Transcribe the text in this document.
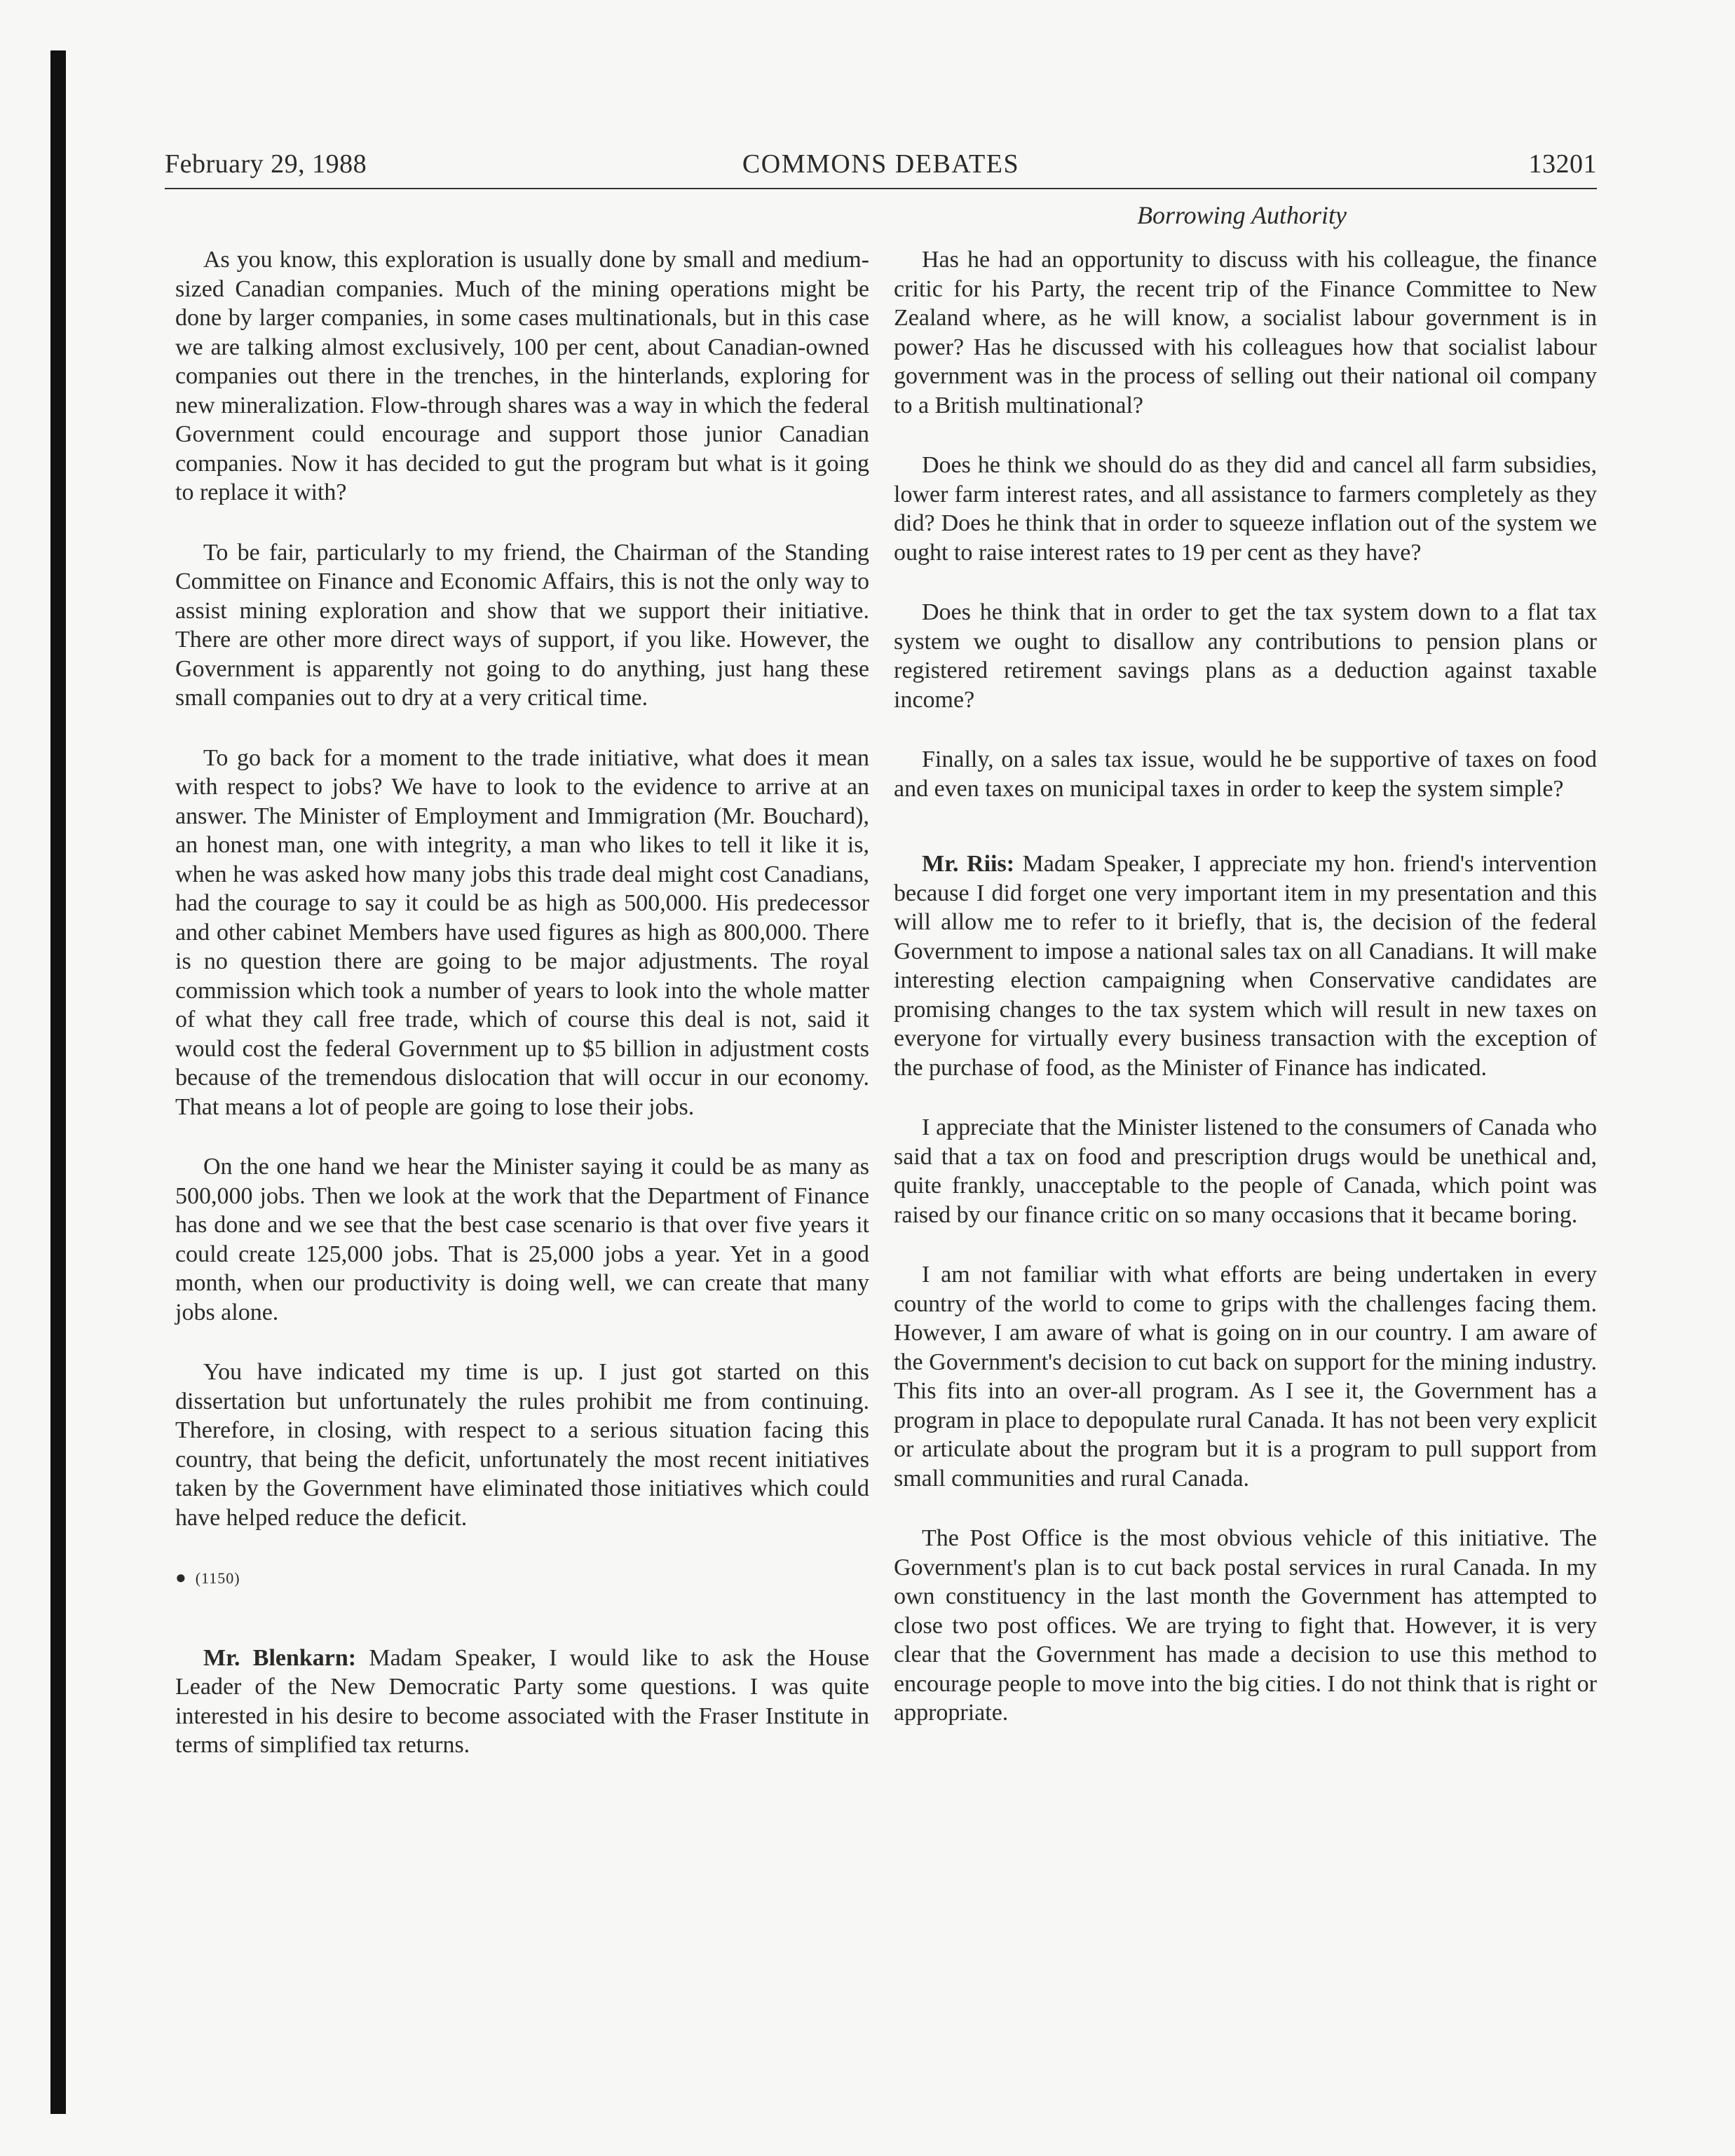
February 29, 1988	COMMONS DEBATES	13201
Borrowing Authority

As you know, this exploration is usually done by small and medium-sized Canadian companies. Much of the mining operations might be done by larger companies, in some cases multinationals, but in this case we are talking almost exclusively, 100 per cent, about Canadian-owned companies out there in the trenches, in the hinterlands, exploring for new mineralization. Flow-through shares was a way in which the federal Government could encourage and support those junior Canadian companies. Now it has decided to gut the program but what is it going to replace it with?

To be fair, particularly to my friend, the Chairman of the Standing Committee on Finance and Economic Affairs, this is not the only way to assist mining exploration and show that we support their initiative. There are other more direct ways of support, if you like. However, the Government is apparently not going to do anything, just hang these small companies out to dry at a very critical time.

To go back for a moment to the trade initiative, what does it mean with respect to jobs? We have to look to the evidence to arrive at an answer. The Minister of Employment and Immigration (Mr. Bouchard), an honest man, one with integrity, a man who likes to tell it like it is, when he was asked how many jobs this trade deal might cost Canadians, had the courage to say it could be as high as 500,000. His predecessor and other cabinet Members have used figures as high as 800,000. There is no question there are going to be major adjustments. The royal commission which took a number of years to look into the whole matter of what they call free trade, which of course this deal is not, said it would cost the federal Government up to $5 billion in adjustment costs because of the tremendous dislocation that will occur in our economy. That means a lot of people are going to lose their jobs.

On the one hand we hear the Minister saying it could be as many as 500,000 jobs. Then we look at the work that the Department of Finance has done and we see that the best case scenario is that over five years it could create 125,000 jobs. That is 25,000 jobs a year. Yet in a good month, when our productivity is doing well, we can create that many jobs alone.

You have indicated my time is up. I just got started on this dissertation but unfortunately the rules prohibit me from continuing. Therefore, in closing, with respect to a serious situation facing this country, that being the deficit, unfortunately the most recent initiatives taken by the Government have eliminated those initiatives which could have helped reduce the deficit.

● (1150)

Mr. Blenkarn: Madam Speaker, I would like to ask the House Leader of the New Democratic Party some questions. I was quite interested in his desire to become associated with the Fraser Institute in terms of simplified tax returns.

Has he had an opportunity to discuss with his colleague, the finance critic for his Party, the recent trip of the Finance Committee to New Zealand where, as he will know, a socialist labour government is in power? Has he discussed with his colleagues how that socialist labour government was in the process of selling out their national oil company to a British multinational?

Does he think we should do as they did and cancel all farm subsidies, lower farm interest rates, and all assistance to farmers completely as they did? Does he think that in order to squeeze inflation out of the system we ought to raise interest rates to 19 per cent as they have?

Does he think that in order to get the tax system down to a flat tax system we ought to disallow any contributions to pension plans or registered retirement savings plans as a deduction against taxable income?

Finally, on a sales tax issue, would he be supportive of taxes on food and even taxes on municipal taxes in order to keep the system simple?

Mr. Riis: Madam Speaker, I appreciate my hon. friend's intervention because I did forget one very important item in my presentation and this will allow me to refer to it briefly, that is, the decision of the federal Government to impose a national sales tax on all Canadians. It will make interesting election campaigning when Conservative candidates are promising changes to the tax system which will result in new taxes on everyone for virtually every business transaction with the exception of the purchase of food, as the Minister of Finance has indicated.

I appreciate that the Minister listened to the consumers of Canada who said that a tax on food and prescription drugs would be unethical and, quite frankly, unacceptable to the people of Canada, which point was raised by our finance critic on so many occasions that it became boring.

I am not familiar with what efforts are being undertaken in every country of the world to come to grips with the challenges facing them. However, I am aware of what is going on in our country. I am aware of the Government's decision to cut back on support for the mining industry. This fits into an over-all program. As I see it, the Government has a program in place to depopulate rural Canada. It has not been very explicit or articulate about the program but it is a program to pull support from small communities and rural Canada.

The Post Office is the most obvious vehicle of this initiative. The Government's plan is to cut back postal services in rural Canada. In my own constituency in the last month the Government has attempted to close two post offices. We are trying to fight that. However, it is very clear that the Government has made a decision to use this method to encourage people to move into the big cities. I do not think that is right or appropriate.
